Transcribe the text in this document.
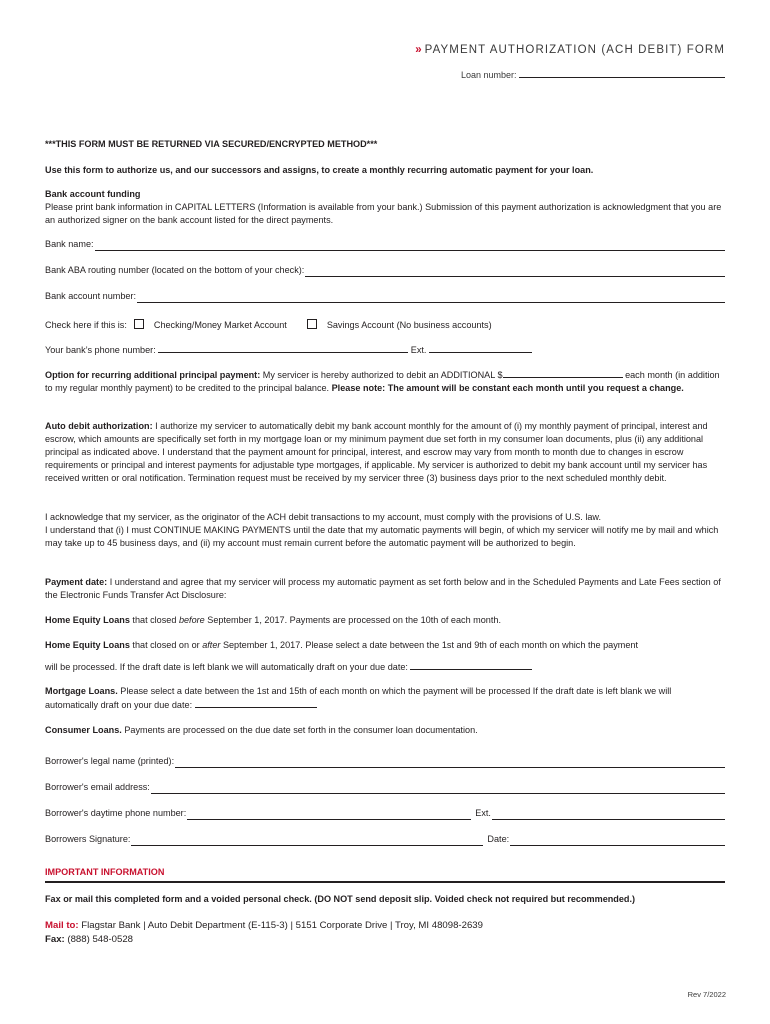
» PAYMENT AUTHORIZATION (ACH DEBIT) FORM
Loan number:
***THIS FORM MUST BE RETURNED VIA SECURED/ENCRYPTED METHOD***
Use this form to authorize us, and our successors and assigns, to create a monthly recurring automatic payment for your loan.
Bank account funding
Please print bank information in CAPITAL LETTERS (Information is available from your bank.) Submission of this payment authorization is acknowledgment that you are an authorized signer on the bank account listed for the direct payments.
Bank name:
Bank ABA routing number (located on the bottom of your check):
Bank account number:
Check here if this is:	Checking/Money Market Account	Savings Account (No business accounts)
Your bank’s phone number:	Ext.
Option for recurring additional principal payment: My servicer is hereby authorized to debit an ADDITIONAL $	each month (in addition to my regular monthly payment) to be credited to the principal balance. Please note: The amount will be constant each month until you request a change.
Auto debit authorization: I authorize my servicer to automatically debit my bank account monthly for the amount of (i) my monthly payment of principal, interest and escrow, which amounts are specifically set forth in my mortgage loan or my minimum payment due set forth in my consumer loan documents, plus (ii) any additional principal as indicated above. I understand that the payment amount for principal, interest, and escrow may vary from month to month due to changes in escrow requirements or principal and interest payments for adjustable type mortgages, if applicable. My servicer is authorized to debit my bank account until my servicer has received written or oral notification. Termination request must be received by my servicer three (3) business days prior to the next scheduled monthly debit.
I acknowledge that my servicer, as the originator of the ACH debit transactions to my account, must comply with the provisions of U.S. law.
I understand that (i) I must CONTINUE MAKING PAYMENTS until the date that my automatic payments will begin, of which my servicer will notify me by mail and which may take up to 45 business days, and (ii) my account must remain current before the automatic payment will be authorized to begin.
Payment date: I understand and agree that my servicer will process my automatic payment as set forth below and in the Scheduled Payments and Late Fees section of the Electronic Funds Transfer Act Disclosure:
Home Equity Loans that closed before September 1, 2017. Payments are processed on the 10th of each month.
Home Equity Loans that closed on or after September 1, 2017. Please select a date between the 1st and 9th of each month on which the payment
will be processed. If the draft date is left blank we will automatically draft on your due date:
Mortgage Loans. Please select a date between the 1st and 15th of each month on which the payment will be processed If the draft date is left blank we will automatically draft on your due date:
Consumer Loans. Payments are processed on the due date set forth in the consumer loan documentation.
Borrower's legal name (printed):
Borrower's email address:
Borrower's daytime phone number:	Ext.
Borrowers Signature:	Date:
IMPORTANT INFORMATION
Fax or mail this completed form and a voided personal check. (DO NOT send deposit slip. Voided check not required but recommended.)
Mail to: Flagstar Bank | Auto Debit Department (E-115-3) | 5151 Corporate Drive | Troy, MI 48098-2639
Fax: (888) 548-0528
Rev 7/2022
